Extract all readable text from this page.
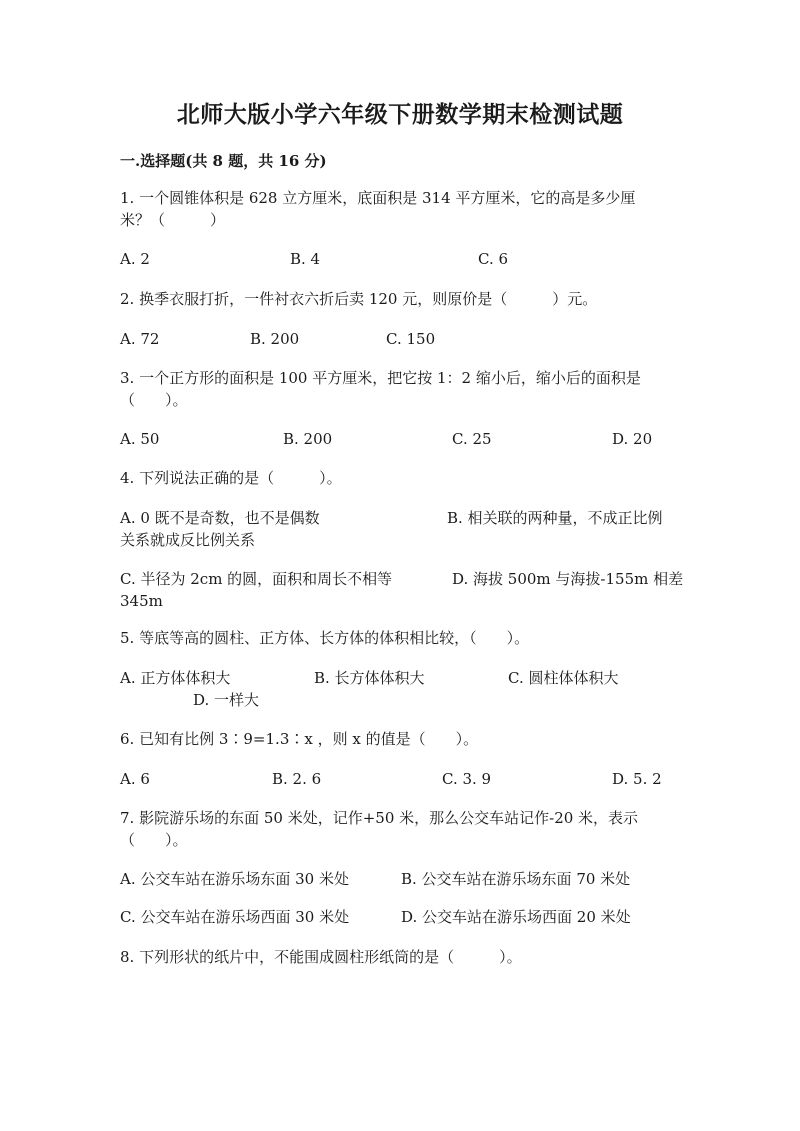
北师大版小学六年级下册数学期末检测试题
一.选择题(共 8 题，共 16 分)
1. 一个圆锥体积是 628 立方厘米，底面积是 314 平方厘米，它的高是多少厘
米？（　　　）
A. 2	B. 4	C. 6
2. 换季衣服打折，一件衬衣六折后卖 120 元，则原价是（　　　）元。
A. 72	B. 200	C. 150
3. 一个正方形的面积是 100 平方厘米，把它按 1：2 缩小后，缩小后的面积是
（　　）。
A. 50	B. 200	C. 25	D. 20
4. 下列说法正确的是（　　　）。
A. 0 既不是奇数，也不是偶数	B. 相关联的两种量，不成正比例
关系就成反比例关系
C. 半径为 2cm 的圆，面积和周长不相等	D. 海拔 500m 与海拔-155m 相差
345m
5. 等底等高的圆柱、正方体、长方体的体积相比较，（　　）。
A. 正方体体积大	B. 长方体体积大	C. 圆柱体体积大
D. 一样大
6. 已知有比例 3∶9=1.3∶x ，则 x 的值是（　　）。
A. 6	B. 2. 6	C. 3. 9	D. 5. 2
7. 影院游乐场的东面 50 米处，记作+50 米，那么公交车站记作-20 米，表示
（　　）。
A. 公交车站在游乐场东面 30 米处	B. 公交车站在游乐场东面 70 米处
C. 公交车站在游乐场西面 30 米处	D. 公交车站在游乐场西面 20 米处
8. 下列形状的纸片中，不能围成圆柱形纸筒的是（　　　）。
